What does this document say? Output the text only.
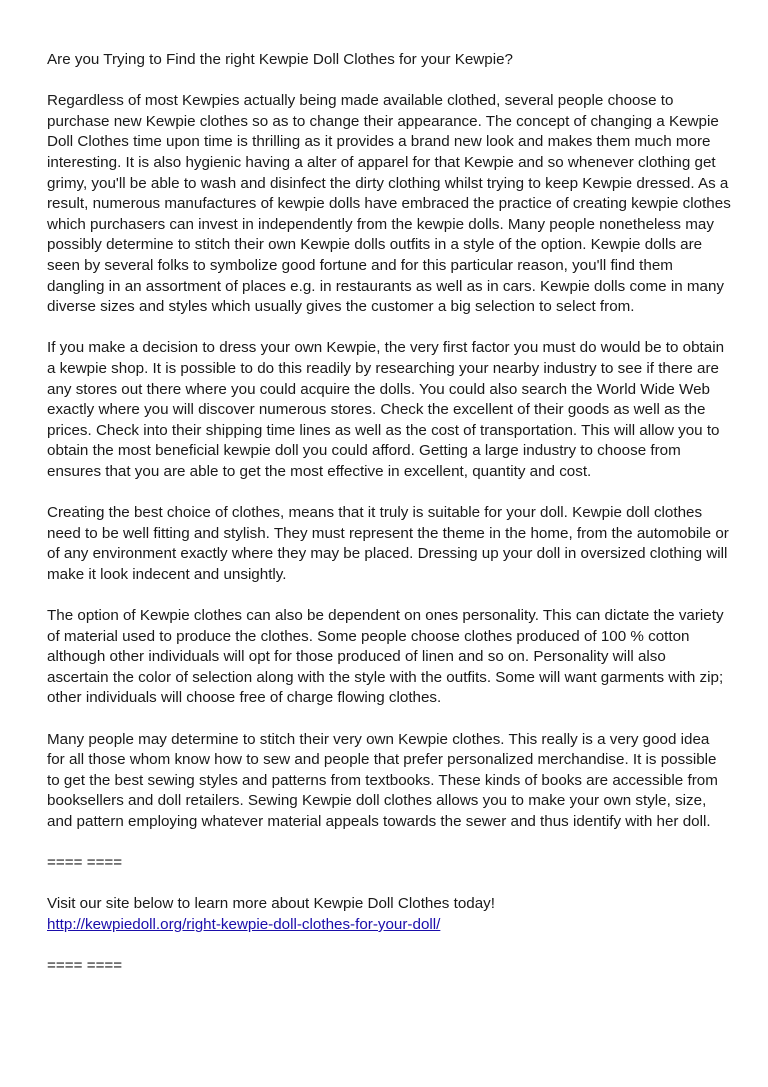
Are you Trying to Find the right Kewpie Doll Clothes for your Kewpie?

Regardless of most Kewpies actually being made available clothed, several people choose to purchase new Kewpie clothes so as to change their appearance. The concept of changing a Kewpie Doll Clothes time upon time is thrilling as it provides a brand new look and makes them much more interesting. It is also hygienic having a alter of apparel for that Kewpie and so whenever clothing get grimy, you'll be able to wash and disinfect the dirty clothing whilst trying to keep Kewpie dressed. As a result, numerous manufactures of kewpie dolls have embraced the practice of creating kewpie clothes which purchasers can invest in independently from the kewpie dolls. Many people nonetheless may possibly determine to stitch their own Kewpie dolls outfits in a style of the option. Kewpie dolls are seen by several folks to symbolize good fortune and for this particular reason, you'll find them dangling in an assortment of places e.g. in restaurants as well as in cars. Kewpie dolls come in many diverse sizes and styles which usually gives the customer a big selection to select from.

If you make a decision to dress your own Kewpie, the very first factor you must do would be to obtain a kewpie shop. It is possible to do this readily by researching your nearby industry to see if there are any stores out there where you could acquire the dolls. You could also search the World Wide Web exactly where you will discover numerous stores. Check the excellent of their goods as well as the prices. Check into their shipping time lines as well as the cost of transportation. This will allow you to obtain the most beneficial kewpie doll you could afford. Getting a large industry to choose from ensures that you are able to get the most effective in excellent, quantity and cost.

Creating the best choice of clothes, means that it truly is suitable for your doll. Kewpie doll clothes need to be well fitting and stylish. They must represent the theme in the home, from the automobile or of any environment exactly where they may be placed. Dressing up your doll in oversized clothing will make it look indecent and unsightly.

The option of Kewpie clothes can also be dependent on ones personality. This can dictate the variety of material used to produce the clothes. Some people choose clothes produced of 100 % cotton although other individuals will opt for those produced of linen and so on. Personality will also ascertain the color of selection along with the style with the outfits. Some will want garments with zip; other individuals will choose free of charge flowing clothes.

Many people may determine to stitch their very own Kewpie clothes. This really is a very good idea for all those whom know how to sew and people that prefer personalized merchandise. It is possible to get the best sewing styles and patterns from textbooks. These kinds of books are accessible from booksellers and doll retailers. Sewing Kewpie doll clothes allows you to make your own style, size, and pattern employing whatever material appeals towards the sewer and thus identify with her doll.

==== ====

Visit our site below to learn more about Kewpie Doll Clothes today!

http://kewpiedoll.org/right-kewpie-doll-clothes-for-your-doll/

==== ====
